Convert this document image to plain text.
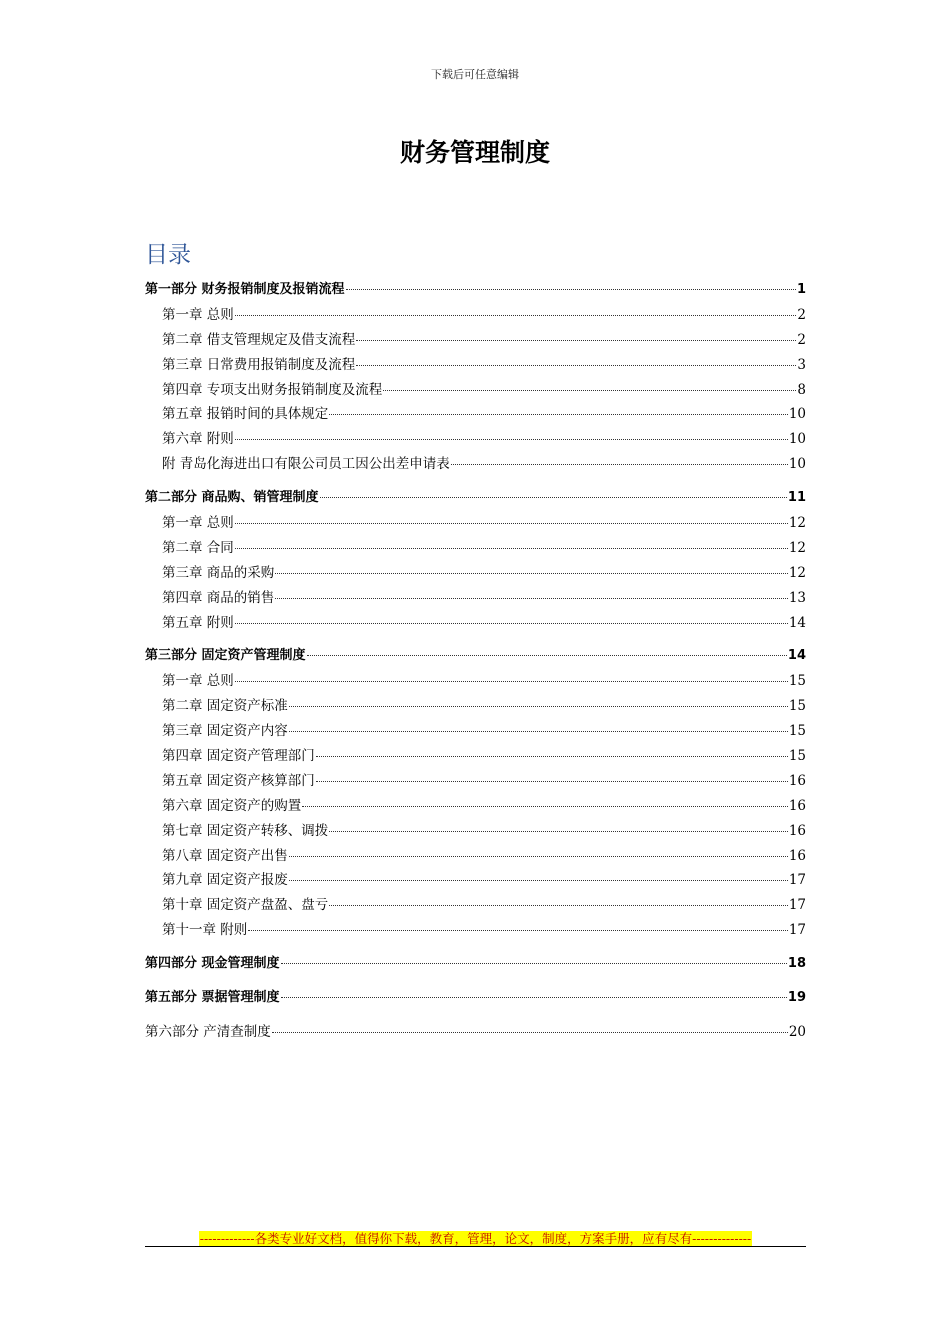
下载后可任意编辑
财务管理制度
目录
第一部分 财务报销制度及报销流程	1
第一章 总则	2
第二章 借支管理规定及借支流程	2
第三章 日常费用报销制度及流程	3
第四章 专项支出财务报销制度及流程	8
第五章 报销时间的具体规定	10
第六章 附则	10
附 青岛化海进出口有限公司员工因公出差申请表	10
第二部分 商品购、销管理制度	11
第一章 总则	12
第二章 合同	12
第三章 商品的采购	12
第四章 商品的销售	13
第五章 附则	14
第三部分 固定资产管理制度	14
第一章 总则	15
第二章 固定资产标准	15
第三章 固定资产内容	15
第四章 固定资产管理部门	15
第五章 固定资产核算部门	16
第六章 固定资产的购置	16
第七章 固定资产转移、调拨	16
第八章 固定资产出售	16
第九章 固定资产报废	17
第十章 固定资产盘盈、盘亏	17
第十一章 附则	17
第四部分 现金管理制度	18
第五部分 票据管理制度	19
第六部分 产清查制度	20
-------------各类专业好文档，值得你下载，教育，管理，论文，制度，方案手册，应有尽有--------------
